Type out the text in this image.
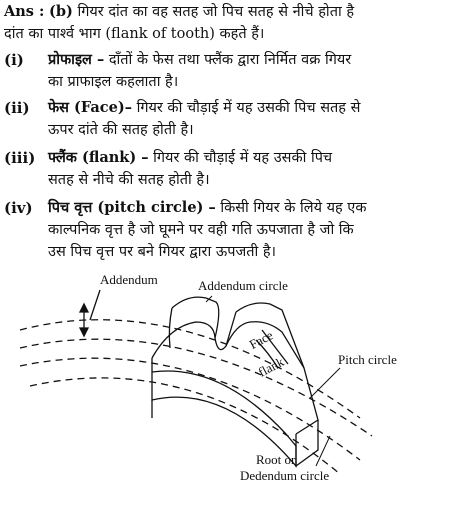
Ans : (b) गियर दांत का वह सतह जो पिच सतह से नीचे होता है
दांत का पार्श्व भाग (flank of tooth) कहते हैं।
(i) प्रोफाइल – दाँतों के फेस तथा फ्लैंक द्वारा निर्मित वक्र गियर
का प्राफाइल कहलाता है।
(ii) फेस (Face)– गियर की चौड़ाई में यह उसकी पिच सतह से
ऊपर दांते की सतह होती है।
(iii) फ्लैंक (flank) – गियर की चौड़ाई में यह उसकी पिच
सतह से नीचे की सतह होती है।
(iv) पिच वृत्त (pitch circle) – किसी गियर के लिये यह एक
काल्पनिक वृत्त है जो घूमने पर वही गति ऊपजाता है जो कि
उस पिच वृत्त पर बने गियर द्वारा ऊपजती है।
Addendum	Addendum circle
Face
flank	Pitch circle
Root or
Dedendum circle
